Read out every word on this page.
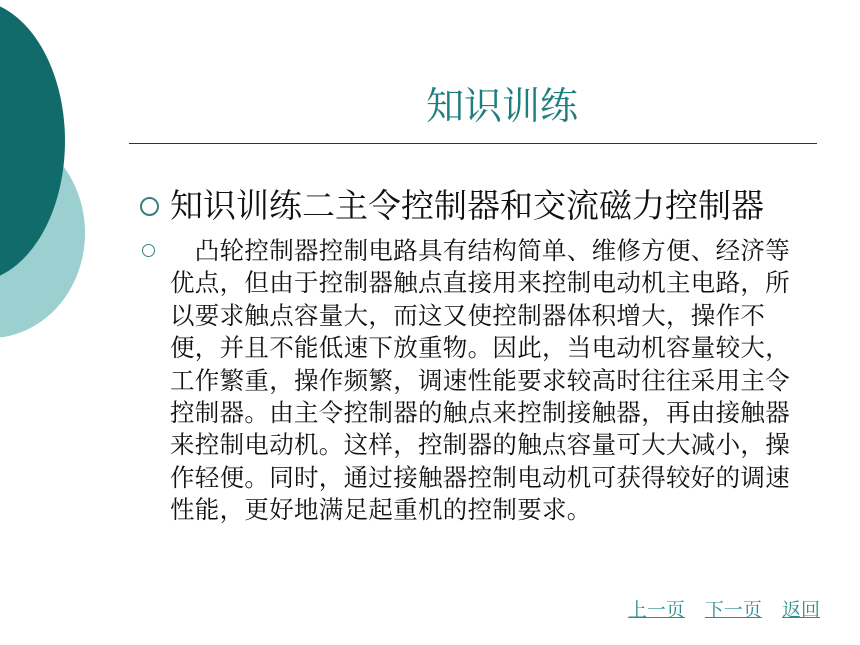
知识训练
知识训练二主令控制器和交流磁力控制器
　凸轮控制器控制电路具有结构简单、维修方便、经济等优点，但由于控制器触点直接用来控制电动机主电路，所以要求触点容量大，而这又使控制器体积增大，操作不便，并且不能低速下放重物。因此，当电动机容量较大，工作繁重，操作频繁，调速性能要求较高时往往采用主令控制器。由主令控制器的触点来控制接触器，再由接触器来控制电动机。这样，控制器的触点容量可大大减小，操作轻便。同时，通过接触器控制电动机可获得较好的调速性能，更好地满足起重机的控制要求。
上一页 下一页 返回
